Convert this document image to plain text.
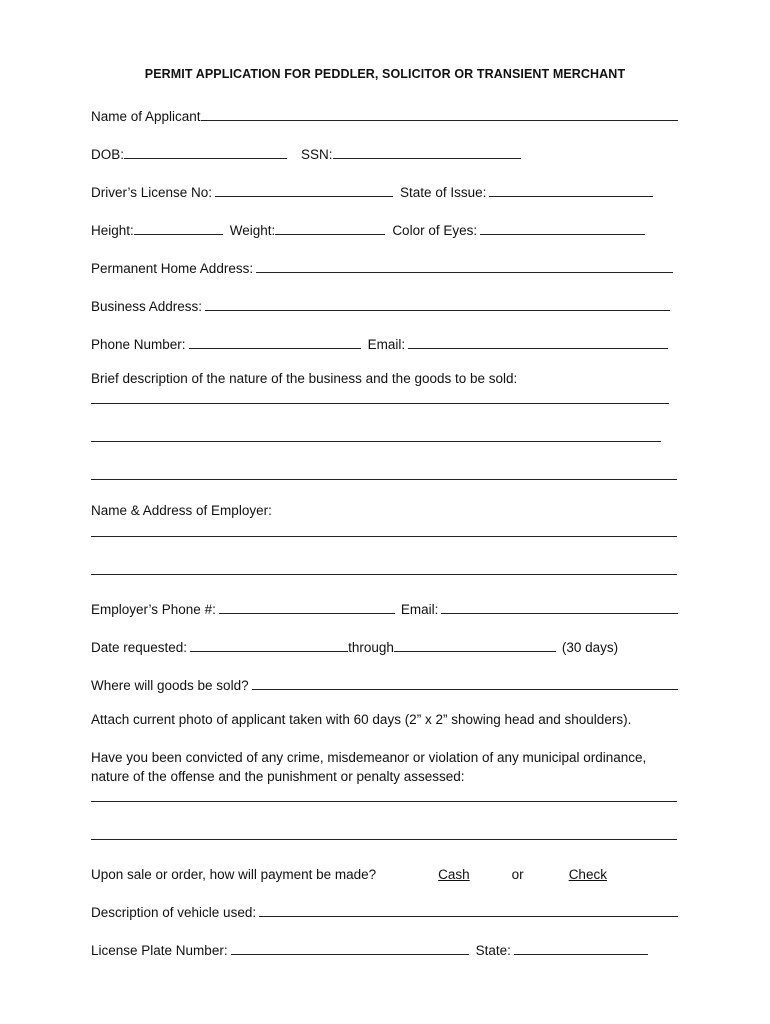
PERMIT APPLICATION FOR PEDDLER, SOLICITOR OR TRANSIENT MERCHANT
Name of Applicant
DOB:	SSN:
Driver’s License No:	State of Issue:
Height:	Weight:	Color of Eyes:
Permanent Home Address:
Business Address:
Phone Number:	Email:
Brief description of the nature of the business and the goods to be sold:
Name & Address of Employer:
Employer’s Phone #:	Email:
Date requested:	through	(30 days)
Where will goods be sold?
Attach current photo of applicant taken with 60 days (2” x 2” showing head and shoulders).
Have you been convicted of any crime, misdemeanor or violation of any municipal ordinance,
nature of the offense and the punishment or penalty assessed:
Upon sale or order, how will payment be made?	Cash	or	Check
Description of vehicle used:
License Plate Number:	State:
